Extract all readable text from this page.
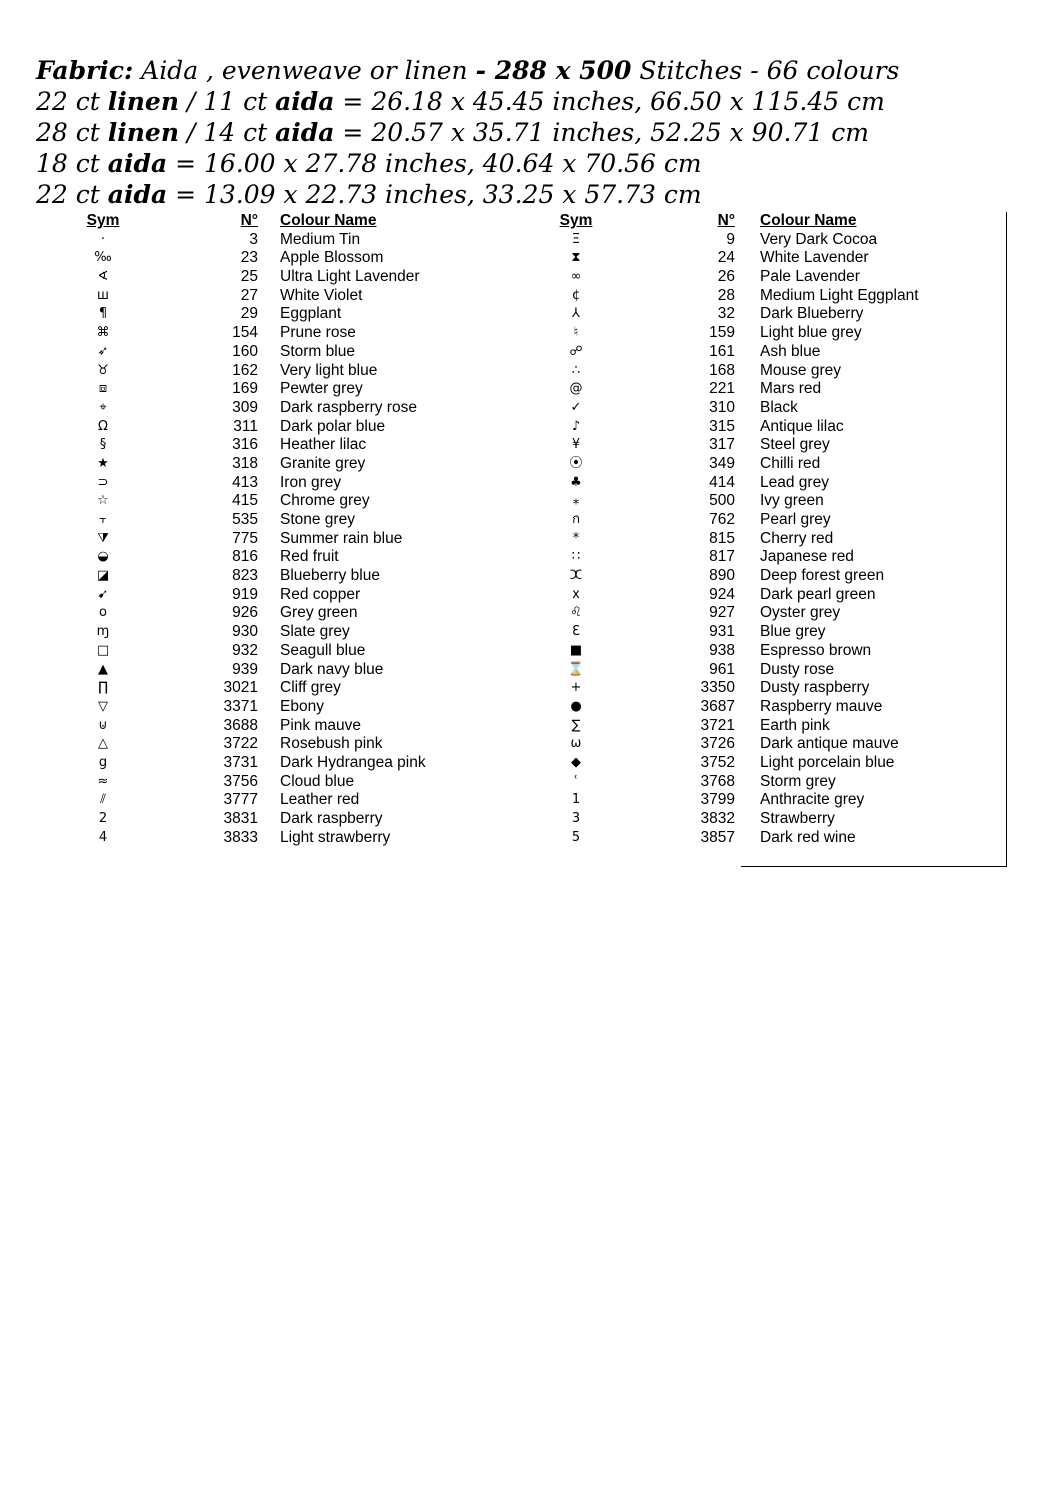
Fabric: Aida , evenweave or linen - 288 x 500 Stitches - 66 colours
22 ct linen / 11 ct aida = 26.18 x 45.45 inches, 66.50 x 115.45 cm
28 ct linen / 14 ct aida = 20.57 x 35.71 inches, 52.25 x 90.71 cm
18 ct aida = 16.00 x 27.78 inches, 40.64 x 70.56 cm
22 ct aida = 13.09 x 22.73 inches, 33.25 x 57.73 cm
Sym	N° Colour Name
·	3 Medium Tin
‰	23 Apple Blossom
∢	25 Ultra Light Lavender
ш	27 White Violet
¶	29 Eggplant
⌘	154 Prune rose
➶	160 Storm blue
♉	162 Very light blue
⧈	169 Pewter grey
⌖	309 Dark raspberry rose
Ω	311 Dark polar blue
§	316 Heather lilac
★	318 Granite grey
⊃	413 Iron grey
☆	415 Chrome grey
⫟	535 Stone grey
⧩	775 Summer rain blue
◒	816 Red fruit
◪	823 Blueberry blue
➹	919 Red copper
o	926 Grey green
ɱ	930 Slate grey
□	932 Seagull blue
▲	939 Dark navy blue
∏	3021 Cliff grey
▽	3371 Ebony
⊍	3688 Pink mauve
△	3722 Rosebush pink
g	3731 Dark Hydrangea pink
≈	3756 Cloud blue
⫽	3777 Leather red
2	3831 Dark raspberry
4	3833 Light strawberry
Sym	N° Colour Name
Ξ	9 Very Dark Cocoa
⧗	24 White Lavender
∞	26 Pale Lavender
¢	28 Medium Light Eggplant
⅄	32 Dark Blueberry
♮	159 Light blue grey
☍	161 Ash blue
∴	168 Mouse grey
@	221 Mars red
✓	310 Black
♪	315 Antique lilac
¥	317 Steel grey
⦿	349 Chilli red
♣	414 Lead grey
⁎	500 Ivy green
ก	762 Pearl grey
*	815 Cherry red
∷	817 Japanese red
ⵋ	890 Deep forest green
x	924 Dark pearl green
♌	927 Oyster grey
Ɛ	931 Blue grey
■	938 Espresso brown
⌛	961 Dusty rose
+	3350 Dusty raspberry
●	3687 Raspberry mauve
∑	3721 Earth pink
ω	3726 Dark antique mauve
◆	3752 Light porcelain blue
ʿ	3768 Storm grey
1	3799 Anthracite grey
3	3832 Strawberry
5	3857 Dark red wine
